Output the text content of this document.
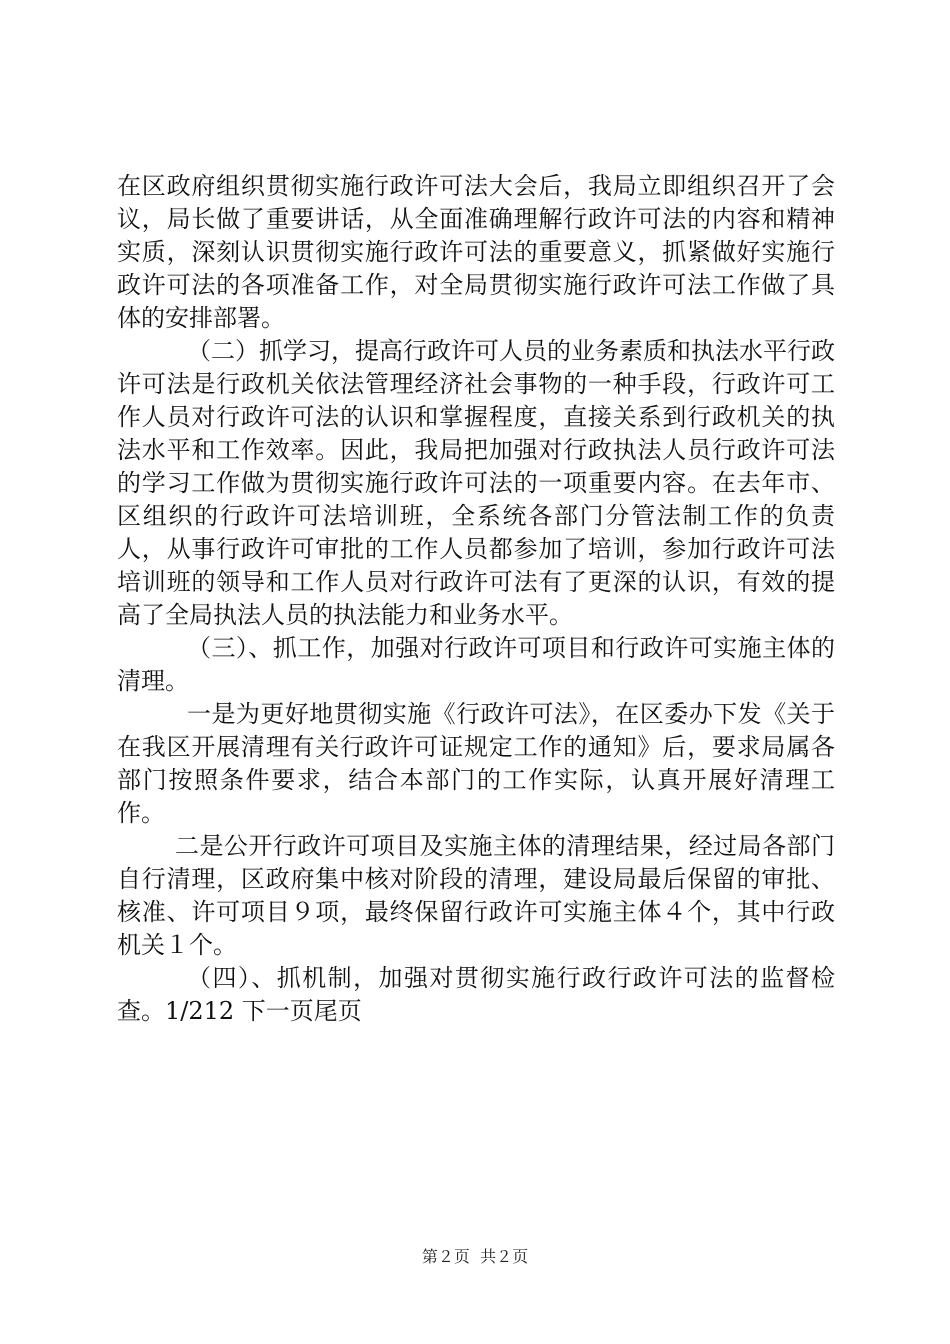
在区政府组织贯彻实施行政许可法大会后，我局立即组织召开了会议，局长做了重要讲话，从全面准确理解行政许可法的内容和精神实质，深刻认识贯彻实施行政许可法的重要意义，抓紧做好实施行政许可法的各项准备工作，对全局贯彻实施行政许可法工作做了具体的安排部署。

（二）抓学习，提高行政许可人员的业务素质和执法水平行政许可法是行政机关依法管理经济社会事物的一种手段，行政许可工作人员对行政许可法的认识和掌握程度，直接关系到行政机关的执法水平和工作效率。因此，我局把加强对行政执法人员行政许可法的学习工作做为贯彻实施行政许可法的一项重要内容。在去年市、区组织的行政许可法培训班，全系统各部门分管法制工作的负责人，从事行政许可审批的工作人员都参加了培训，参加行政许可法培训班的领导和工作人员对行政许可法有了更深的认识，有效的提高了全局执法人员的执法能力和业务水平。

（三）、抓工作，加强对行政许可项目和行政许可实施主体的清理。

一是为更好地贯彻实施《行政许可法》，在区委办下发《关于在我区开展清理有关行政许可证规定工作的通知》后，要求局属各部门按照条件要求，结合本部门的工作实际，认真开展好清理工作。

二是公开行政许可项目及实施主体的清理结果，经过局各部门自行清理，区政府集中核对阶段的清理，建设局最后保留的审批、核准、许可项目９项，最终保留行政许可实施主体４个，其中行政机关１个。

（四）、抓机制，加强对贯彻实施行政行政许可法的监督检查。1/212 下一页尾页

第２页  共２页
